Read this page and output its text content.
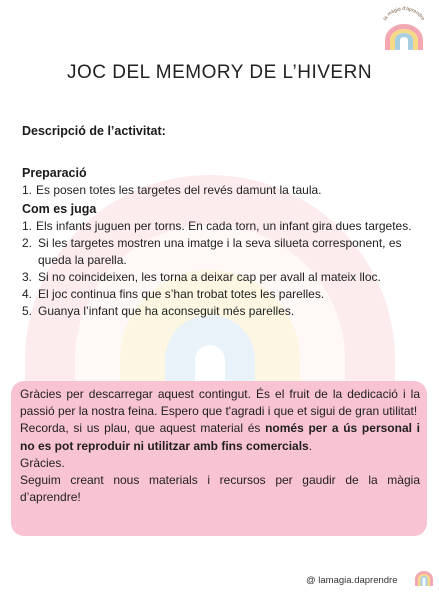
la màgia d'aprendre
JOC DEL MEMORY DE L’HIVERN
Descripció de l’activitat:
Preparació
1. Es posen totes les targetes del revés damunt la taula.
Com es juga
1. Els infants juguen per torns. En cada torn, un infant gira dues targetes.
2. Si les targetes mostren una imatge i la seva silueta corresponent, es queda la parella.
3. Si no coincideixen, les torna a deixar cap per avall al mateix lloc.
4. El joc continua fins que s’han trobat totes les parelles.
5. Guanya l’infant que ha aconseguit més parelles.

Gràcies per descarregar aquest contingut. És el fruit de la dedicació i la passió per la nostra feina. Espero que t'agradi i que et sigui de gran utilitat!

Recorda, si us plau, que aquest material és només per a ús personal i no es pot reproduir ni utilitzar amb fins comercials.

Gràcies.

Seguim creant nous materials i recursos per gaudir de la màgia d’aprendre!

@ lamagia.daprendre
